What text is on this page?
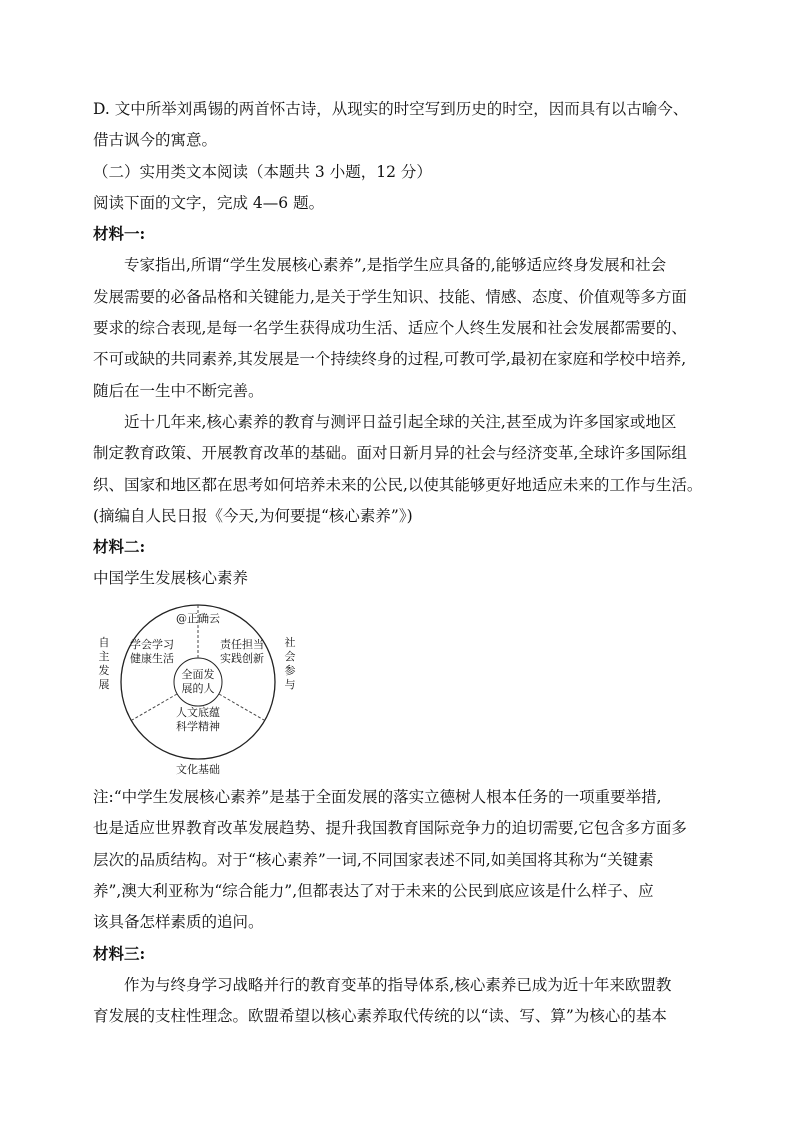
D. 文中所举刘禹锡的两首怀古诗，从现实的时空写到历史的时空，因而具有以古喻今、
借古讽今的寓意。
（二）实用类文本阅读（本题共 3 小题，12 分）
阅读下面的文字，完成 4—6 题。
材料一:
专家指出,所谓“学生发展核心素养”,是指学生应具备的,能够适应终身发展和社会
发展需要的必备品格和关键能力,是关于学生知识、技能、情感、态度、价值观等多方面
要求的综合表现,是每一名学生获得成功生活、适应个人终生发展和社会发展都需要的、
不可或缺的共同素养,其发展是一个持续终身的过程,可教可学,最初在家庭和学校中培养,
随后在一生中不断完善。
近十几年来,核心素养的教育与测评日益引起全球的关注,甚至成为许多国家或地区
制定教育政策、开展教育改革的基础。面对日新月异的社会与经济变革,全球许多国际组
织、国家和地区都在思考如何培养未来的公民,以使其能够更好地适应未来的工作与生活。
(摘编自人民日报《今天,为何要提“核心素养”》)
材料二:
中国学生发展核心素养
@正确云
学会学习
健康生活
责任担当
实践创新
全面发
展的人
人文底蕴
科学精神
自
主
发
展
社
会
参
与
文化基础
注:“中学生发展核心素养”是基于全面发展的落实立德树人根本任务的一项重要举措,
也是适应世界教育改革发展趋势、提升我国教育国际竞争力的迫切需要,它包含多方面多
层次的品质结构。对于“核心素养”一词,不同国家表述不同,如美国将其称为“关键素
养”,澳大利亚称为“综合能力”,但都表达了对于未来的公民到底应该是什么样子、应
该具备怎样素质的追问。
材料三:
作为与终身学习战略并行的教育变革的指导体系,核心素养已成为近十年来欧盟教
育发展的支柱性理念。欧盟希望以核心素养取代传统的以“读、写、算”为核心的基本
